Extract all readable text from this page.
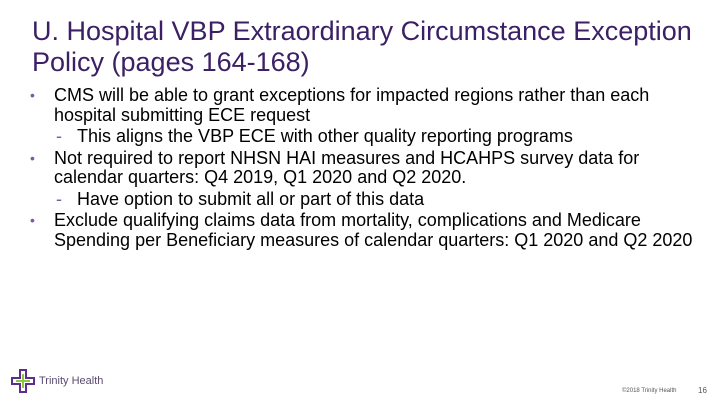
U. Hospital VBP Extraordinary Circumstance Exception Policy (pages 164-168)
• CMS will be able to grant exceptions for impacted regions rather than each hospital submitting ECE request
- This aligns the VBP ECE with other quality reporting programs
• Not required to report NHSN HAI measures and HCAHPS survey data for calendar quarters: Q4 2019, Q1 2020 and Q2 2020.
- Have option to submit all or part of this data
• Exclude qualifying claims data from mortality, complications and Medicare Spending per Beneficiary measures of calendar quarters: Q1 2020 and Q2 2020
Trinity Health
©2018 Trinity Health	16
